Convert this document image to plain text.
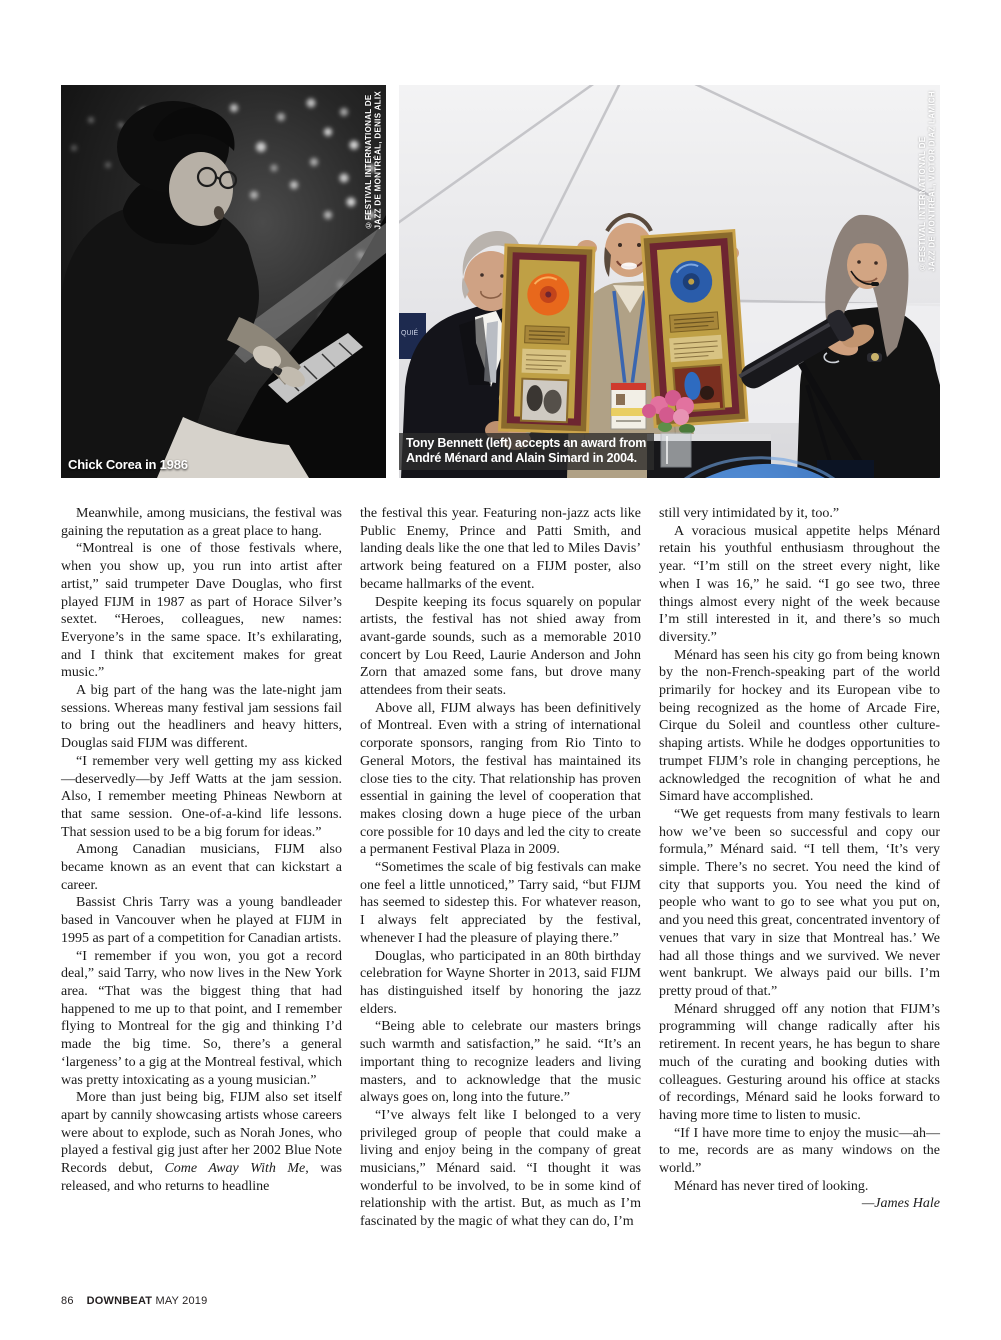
©FESTIVAL INTERNATIONAL DE JAZZ DE MONTRÉAL, DENIS ALIX
Chick Corea in 1986
QUIÉ
©FESTIVAL INTERNATIONAL DE JAZZ DE MONTRÉAL, VICTOR DIAZ LAMICH
Tony Bennett (left) accepts an award from
André Ménard and Alain Simard in 2004.

Meanwhile, among musicians, the festival was gaining the reputation as a great place to hang.

“Montreal is one of those festivals where, when you show up, you run into artist after artist,” said trumpeter Dave Douglas, who first played FIJM in 1987 as part of Horace Silver’s sextet. “Heroes, colleagues, new names: Everyone’s in the same space. It’s exhilarating, and I think that excitement makes for great music.”

A big part of the hang was the late-night jam sessions. Whereas many festival jam sessions fail to bring out the headliners and heavy hitters, Douglas said FIJM was different.

“I remember very well getting my ass kicked—deservedly—by Jeff Watts at the jam session. Also, I remember meeting Phineas Newborn at that same session. One-of-a-kind life lessons. That session used to be a big forum for ideas.”

Among Canadian musicians, FIJM also became known as an event that can kickstart a career.

Bassist Chris Tarry was a young bandleader based in Vancouver when he played at FIJM in 1995 as part of a competition for Canadian artists.

“I remember if you won, you got a record deal,” said Tarry, who now lives in the New York area. “That was the biggest thing that had happened to me up to that point, and I remember flying to Montreal for the gig and thinking I’d made the big time. So, there’s a general ‘largeness’ to a gig at the Montreal festival, which was pretty intoxicating as a young musician.”

More than just being big, FIJM also set itself apart by cannily showcasing artists whose careers were about to explode, such as Norah Jones, who played a festival gig just after her 2002 Blue Note Records debut, Come Away With Me, was released, and who returns to headline

the festival this year. Featuring non-jazz acts like Public Enemy, Prince and Patti Smith, and landing deals like the one that led to Miles Davis’ artwork being featured on a FIJM poster, also became hallmarks of the event.

Despite keeping its focus squarely on popular artists, the festival has not shied away from avant-garde sounds, such as a memorable 2010 concert by Lou Reed, Laurie Anderson and John Zorn that amazed some fans, but drove many attendees from their seats.

Above all, FIJM always has been definitively of Montreal. Even with a string of international corporate sponsors, ranging from Rio Tinto to General Motors, the festival has maintained its close ties to the city. That relationship has proven essential in gaining the level of cooperation that makes closing down a huge piece of the urban core possible for 10 days and led the city to create a permanent Festival Plaza in 2009.

“Sometimes the scale of big festivals can make one feel a little unnoticed,” Tarry said, “but FIJM has seemed to sidestep this. For whatever reason, I always felt appreciated by the festival, whenever I had the pleasure of playing there.”

Douglas, who participated in an 80th birthday celebration for Wayne Shorter in 2013, said FIJM has distinguished itself by honoring the jazz elders.

“Being able to celebrate our masters brings such warmth and satisfaction,” he said. “It’s an important thing to recognize leaders and living masters, and to acknowledge that the music always goes on, long into the future.”

“I’ve always felt like I belonged to a very privileged group of people that could make a living and enjoy being in the company of great musicians,” Ménard said. “I thought it was wonderful to be involved, to be in some kind of relationship with the artist. But, as much as I’m fascinated by the magic of what they can do, I’m

still very intimidated by it, too.”

A voracious musical appetite helps Ménard retain his youthful enthusiasm throughout the year. “I’m still on the street every night, like when I was 16,” he said. “I go see two, three things almost every night of the week because I’m still interested in it, and there’s so much diversity.”

Ménard has seen his city go from being known by the non-French-speaking part of the world primarily for hockey and its European vibe to being recognized as the home of Arcade Fire, Cirque du Soleil and countless other culture-shaping artists. While he dodges opportunities to trumpet FIJM’s role in changing perceptions, he acknowledged the recognition of what he and Simard have accomplished.

“We get requests from many festivals to learn how we’ve been so successful and copy our formula,” Ménard said. “I tell them, ‘It’s very simple. There’s no secret. You need the kind of city that supports you. You need the kind of people who want to go to see what you put on, and you need this great, concentrated inventory of venues that vary in size that Montreal has.’ We had all those things and we survived. We never went bankrupt. We always paid our bills. I’m pretty proud of that.”

Ménard shrugged off any notion that FIJM’s programming will change radically after his retirement. In recent years, he has begun to share much of the curating and booking duties with colleagues. Gesturing around his office at stacks of recordings, Ménard said he looks forward to having more time to listen to music.

“If I have more time to enjoy the music—ah—to me, records are as many windows on the world.”

Ménard has never tired of looking.

—James Hale

86 DOWNBEAT MAY 2019
